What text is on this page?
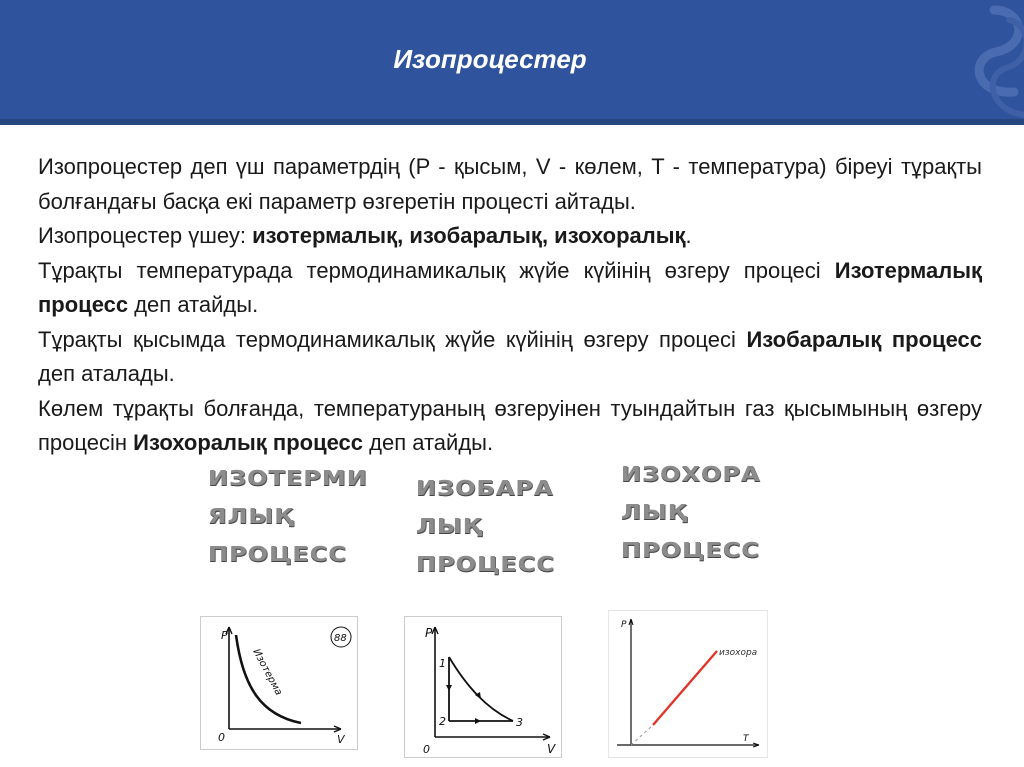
Изопроцестер

Изопроцестер деп үш параметрдің (P - қысым, V - көлем, T - температура) біреуі тұрақты болғандағы басқа екі параметр өзгеретін процесті айтады.

Изопроцестер үшеу: изотермалық, изобаралық, изохоралық.

Тұрақты температурада термодинамикалық жүйе күйінің өзгеру процесі Изотермалық процесс деп атайды.

Тұрақты қысымда термодинамикалық жүйе күйінің өзгеру процесі Изобаралық процесс деп аталады.

Көлем тұрақты болғанда, температураның өзгеруінен туындайтын газ қысымының өзгеру процесін Изохоралық процесс деп атайды.

ИЗОТЕРМИ
ЯЛЫҚ
ПРОЦЕСС
ИЗОБАРА
ЛЫҚ
ПРОЦЕСС
ИЗОХОРА
ЛЫҚ
ПРОЦЕСС
P
V
0
Изотерма
88	P
V
0
1
2	3
P
T
изохора
